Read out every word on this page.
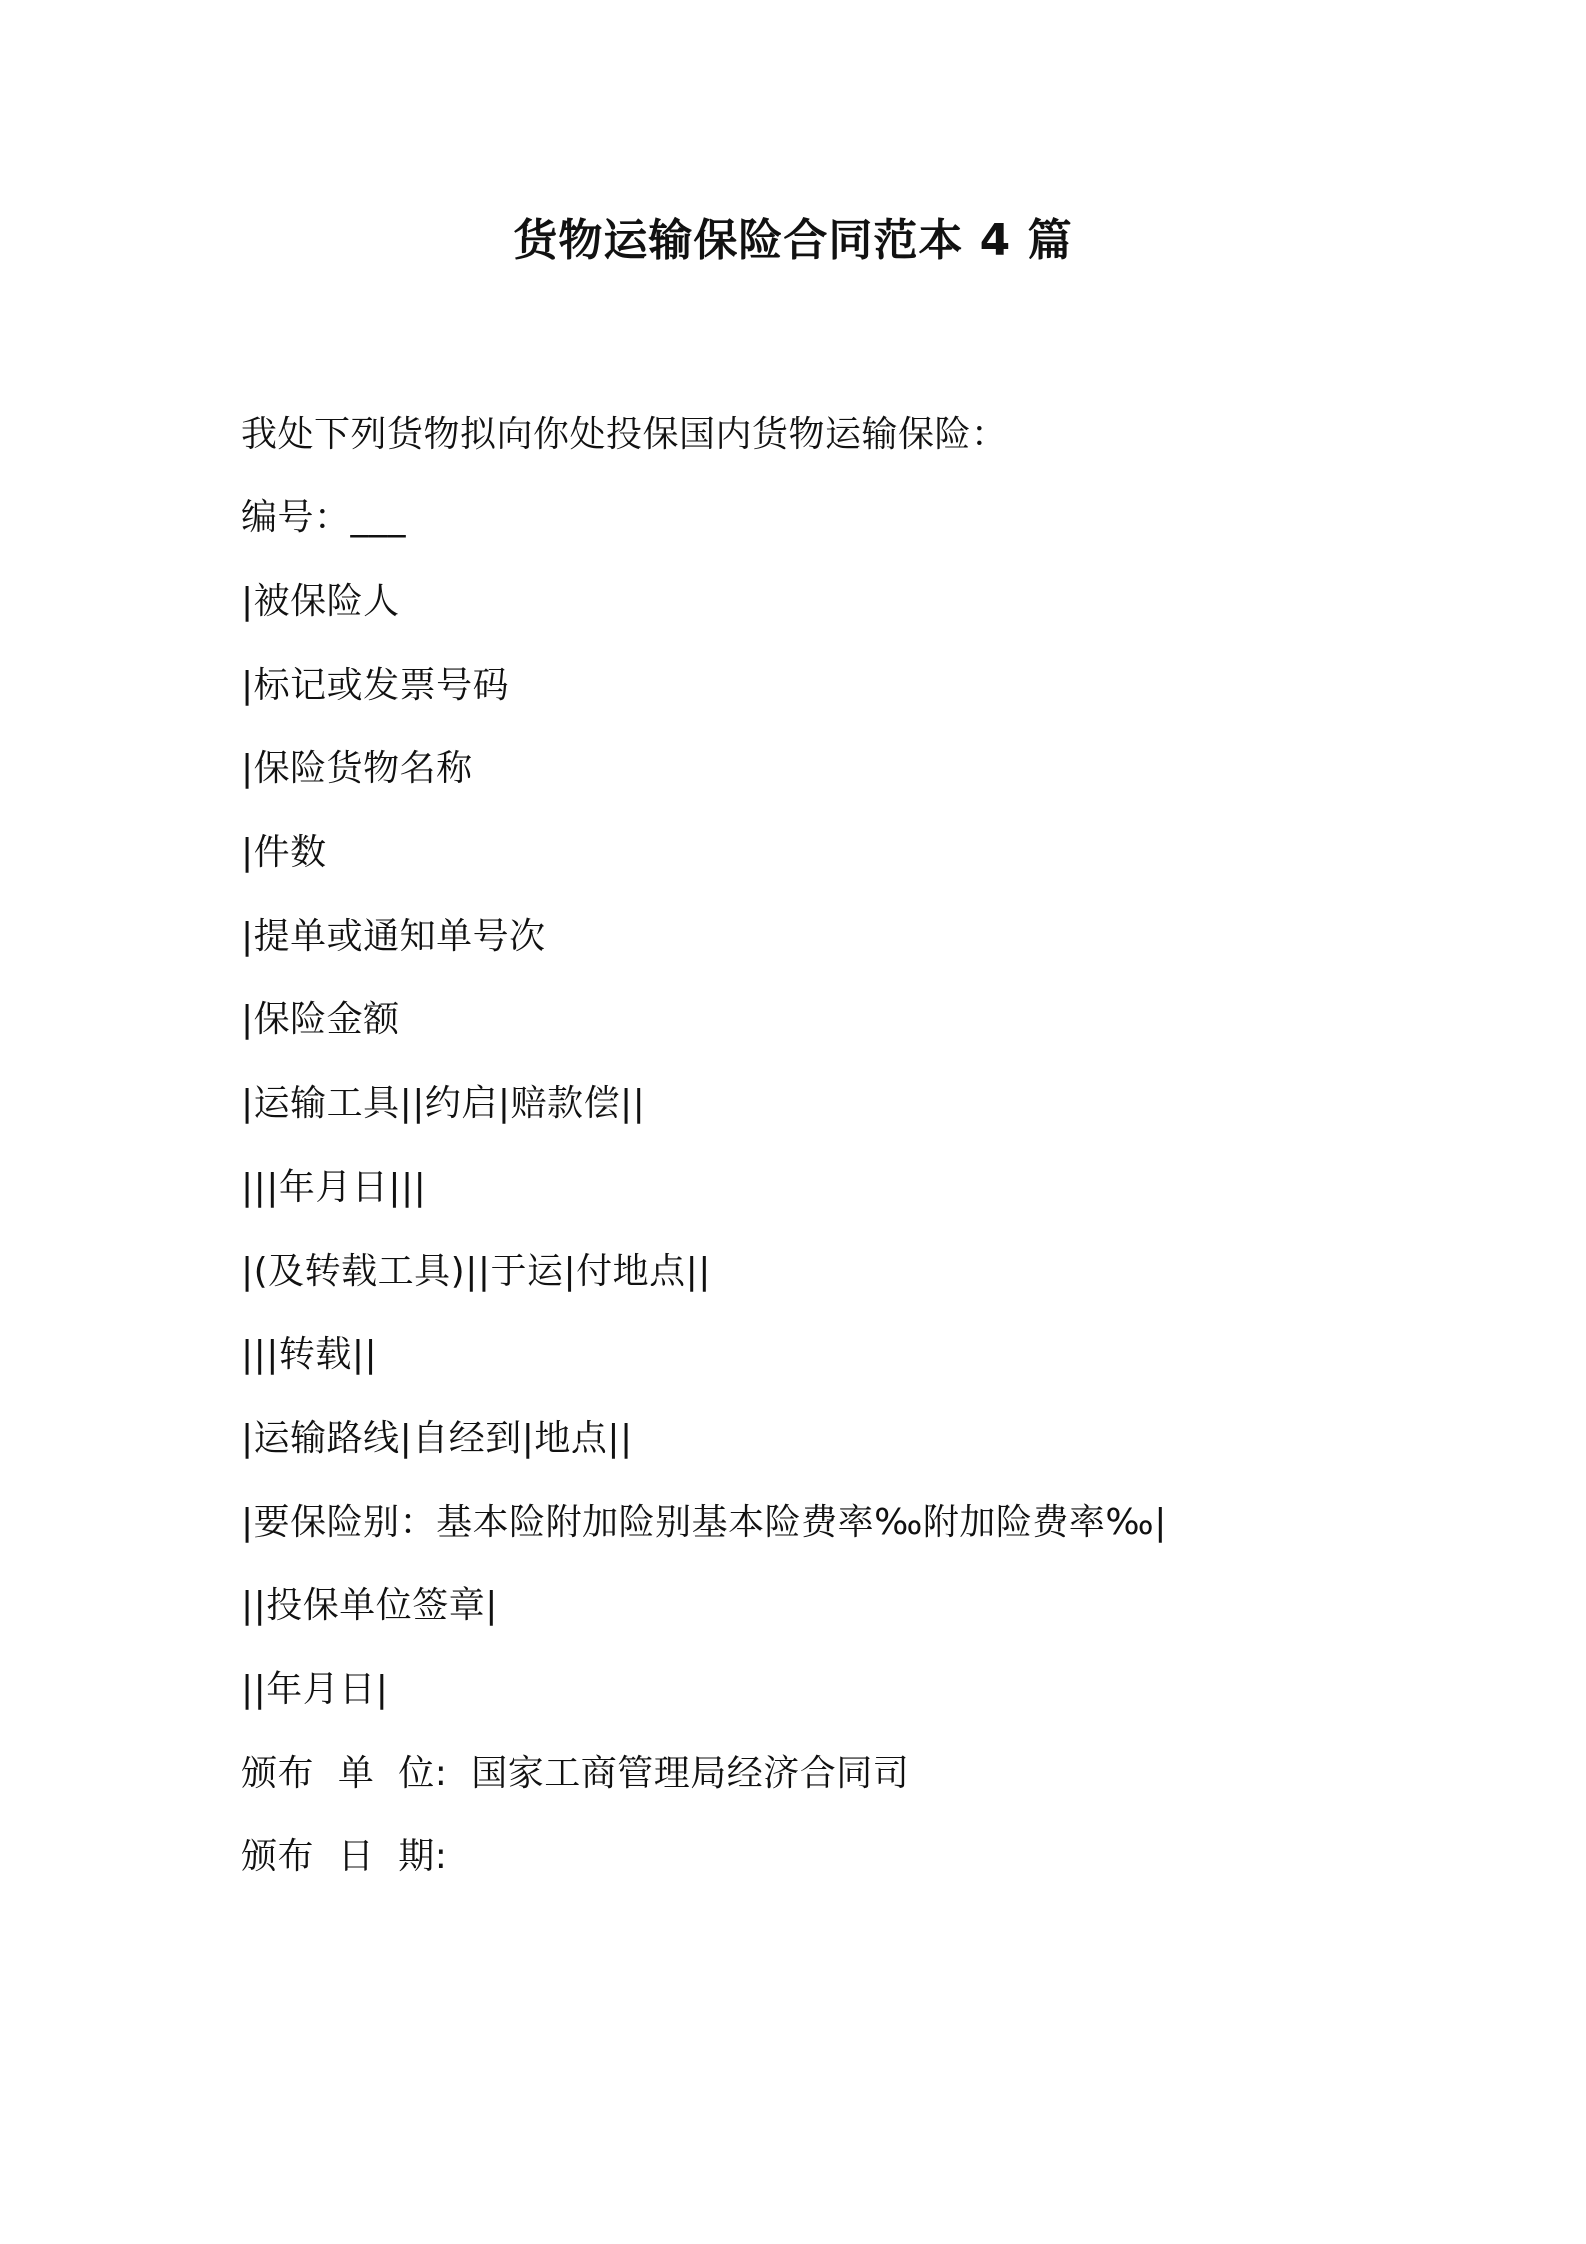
货物运输保险合同范本 4 篇
我处下列货物拟向你处投保国内货物运输保险：
编号：___
|被保险人
|标记或发票号码
|保险货物名称
|件数
|提单或通知单号次
|保险金额
|运输工具||约启|赔款偿||
|||年月日|||
|(及转载工具)||于运|付地点||
|||转载||
|运输路线|自经到|地点||
|要保险别：基本险附加险别基本险费率‰附加险费率‰|
||投保单位签章|
||年月日|
颁布  单  位:  国家工商管理局经济合同司
颁布  日  期:
